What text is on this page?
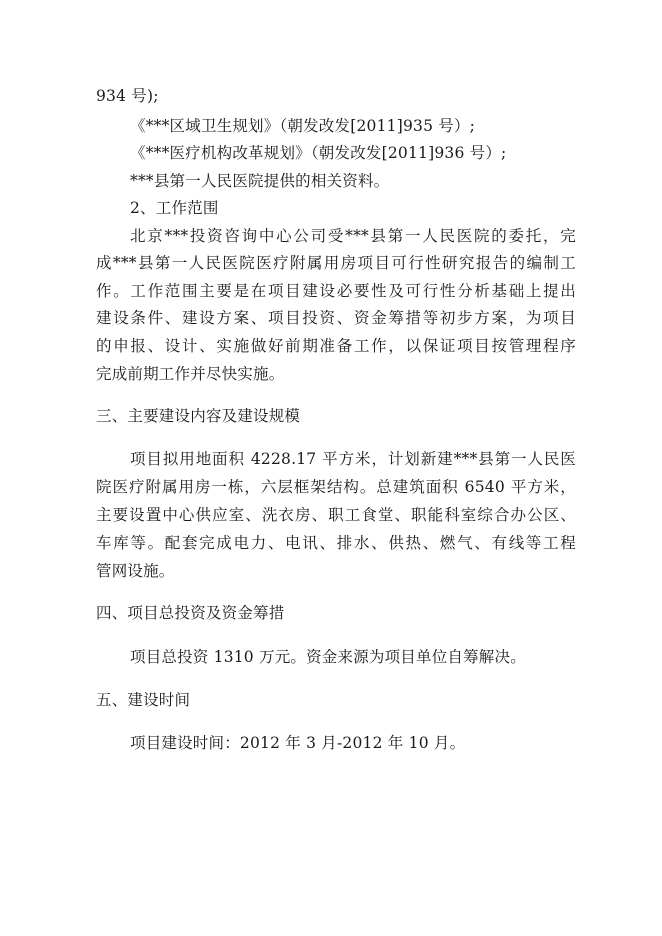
934 号);
《***区域卫生规划》（朝发改发[2011]935 号）;
《***医疗机构改革规划》（朝发改发[2011]936 号）;
***县第一人民医院提供的相关资料。
2、工作范围
北京***投资咨询中心公司受***县第一人民医院的委托，完
成***县第一人民医院医疗附属用房项目可行性研究报告的编制工
作。工作范围主要是在项目建设必要性及可行性分析基础上提出
建设条件、建设方案、项目投资、资金筹措等初步方案，为项目
的申报、设计、实施做好前期准备工作，以保证项目按管理程序
完成前期工作并尽快实施。
三、主要建设内容及建设规模
项目拟用地面积 4228.17 平方米，计划新建***县第一人民医
院医疗附属用房一栋，六层框架结构。总建筑面积 6540 平方米，
主要设置中心供应室、洗衣房、职工食堂、职能科室综合办公区、
车库等。配套完成电力、电讯、排水、供热、燃气、有线等工程
管网设施。
四、项目总投资及资金筹措
项目总投资 1310 万元。资金来源为项目单位自筹解决。
五、建设时间
项目建设时间：2012 年 3 月-2012 年 10 月。
